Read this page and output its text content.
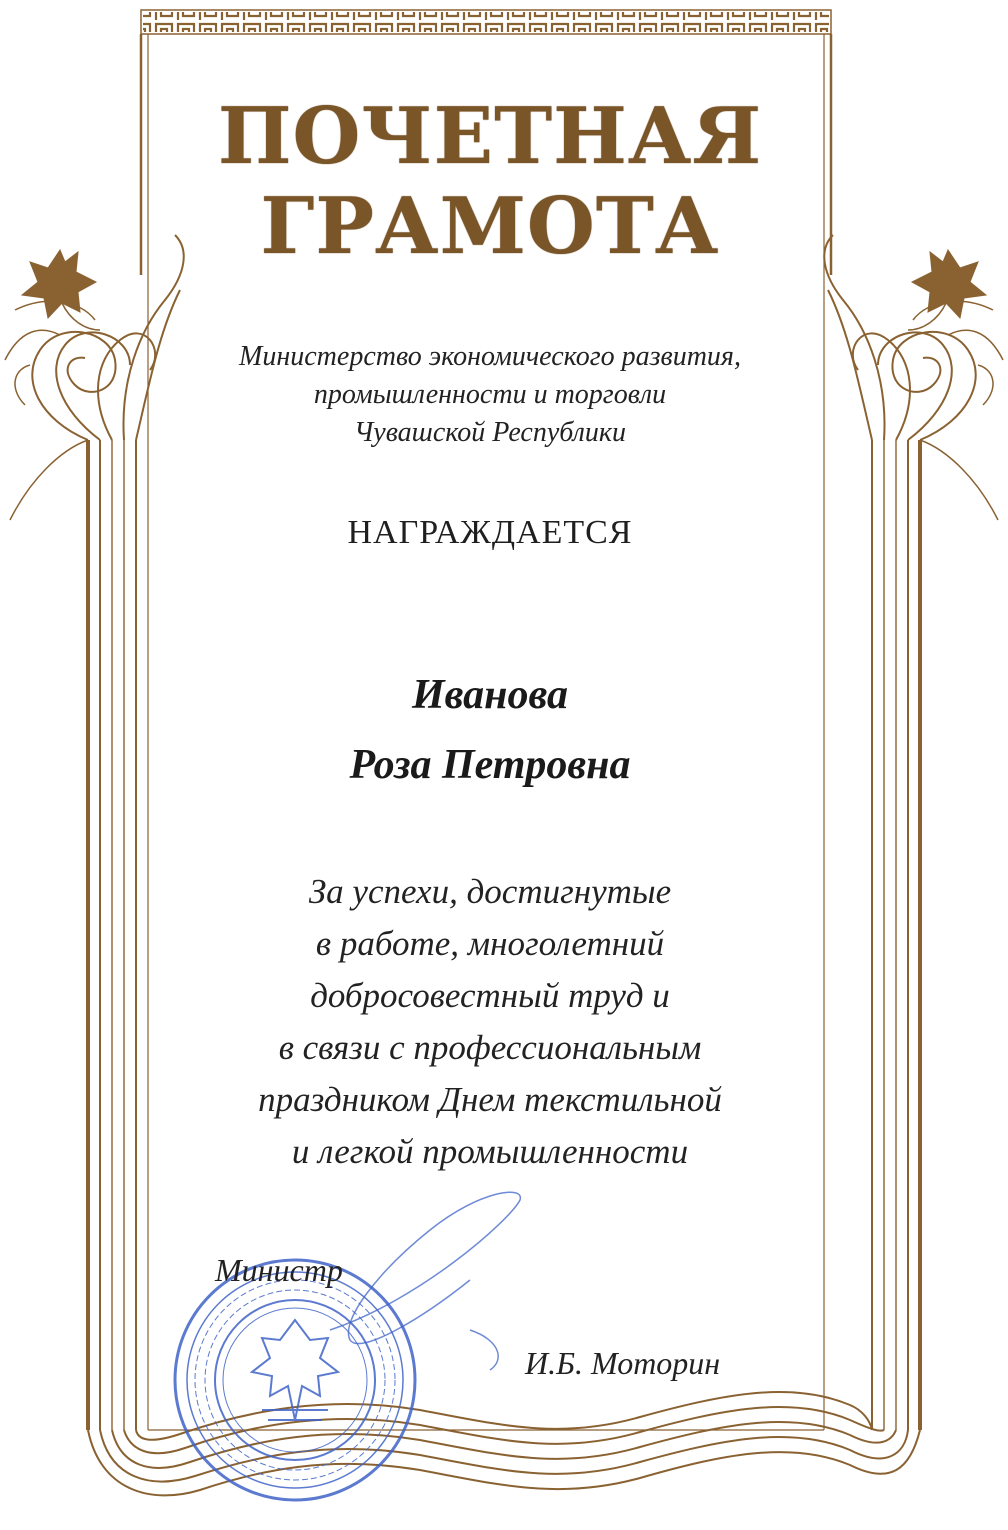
ПОЧЕТНАЯ
ГРАМОТА
Министерство экономического развития,
промышленности и торговли
Чувашской Республики
НАГРАЖДАЕТСЯ
Иванова
Роза Петровна
За успехи, достигнутые
в работе, многолетний
добросовестный труд и
в связи с профессиональным
праздником Днем текстильной
и легкой промышленности
Министр
И.Б. Моторин
